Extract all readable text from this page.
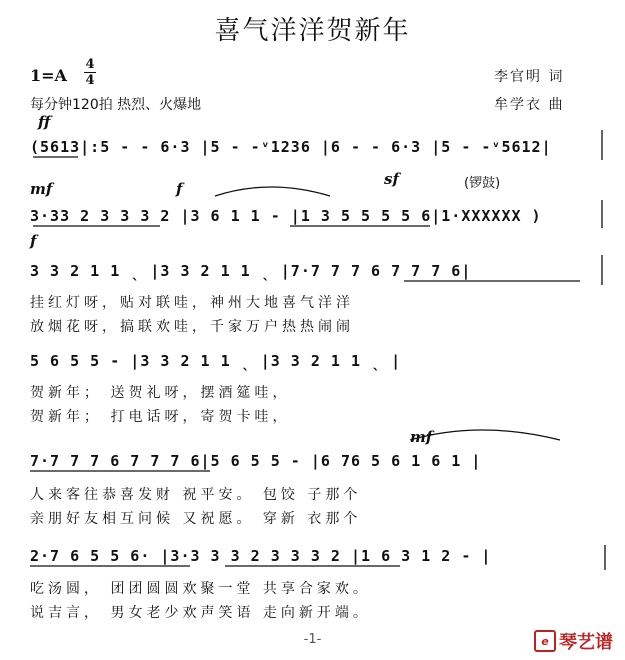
喜气洋洋贺新年
1=A
4
4
每分钟120拍 热烈、火爆地
李官明 词
牟学衣 曲
ff
mf	f
sf	(锣鼓)
f
mf
(5613|:5 - - 6·3 |5 - -ᵛ1236 |6 - - 6·3 |5 - -ᵛ5612|
3·33 2 3 3 3 2 |3 6 1 1 - |1 3 5 5 5 5 6|1·XXXXXX )
3 3 2 1 1 ˎ |3 3 2 1 1 ˎ |7·7 7 7 6 7 7 7 6|
5 6 5 5 - |3 3 2 1 1 ˎ |3 3 2 1 1 ˎ |
7·7 7 7 6 7 7 7 6|5 6 5 5 - |6 76 5 6 1 6 1 |
2·7 6 5 5 6· |3·3 3 3 2 3 3 3 2 |1 6 3 1 2 - |
挂红灯呀，贴对联哇，神州大地喜气洋洋
放烟花呀，搞联欢哇，千家万户热热闹闹
贺新年； 送贺礼呀，摆酒筵哇，
贺新年； 打电话呀，寄贺卡哇，
人来客往恭喜发财 祝平安。 包饺 子那个
亲朋好友相互问候 又祝愿。 穿新 衣那个
吃汤圆， 团团圆圆欢聚一堂 共享合家欢。
说吉言， 男女老少欢声笑语 走向新开端。
-1-	e 琴艺谱
